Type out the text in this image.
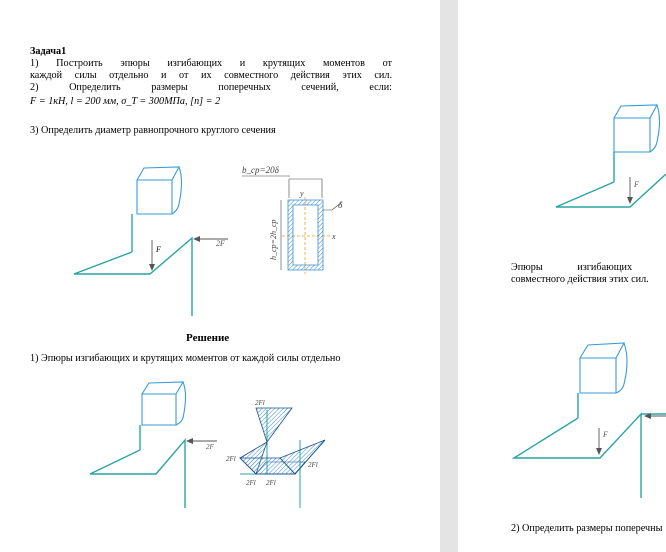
Задача1
1) Построить эпюры изгибающих и крутящих моментов от
каждой силы отдельно и от их совместного действия этих сил.
2) Определить размеры поперечных сечений, если:
F = 1кН, l = 200 мм, σ_T = 300МПа, [n] = 2
3) Определить диаметр равнопрочного круглого сечения
F
2F
b_cp=20δ
y
h_cp=2h_cp
δ
x
Решение
1) Эпюры изгибающих и крутящих моментов от каждой силы отдельно
2F
2Fl
2Fl
2Fl
2Fl 2Fl
F
Эпюры изгибающих
совместного действия этих сил.
F
2) Определить размеры поперечны
